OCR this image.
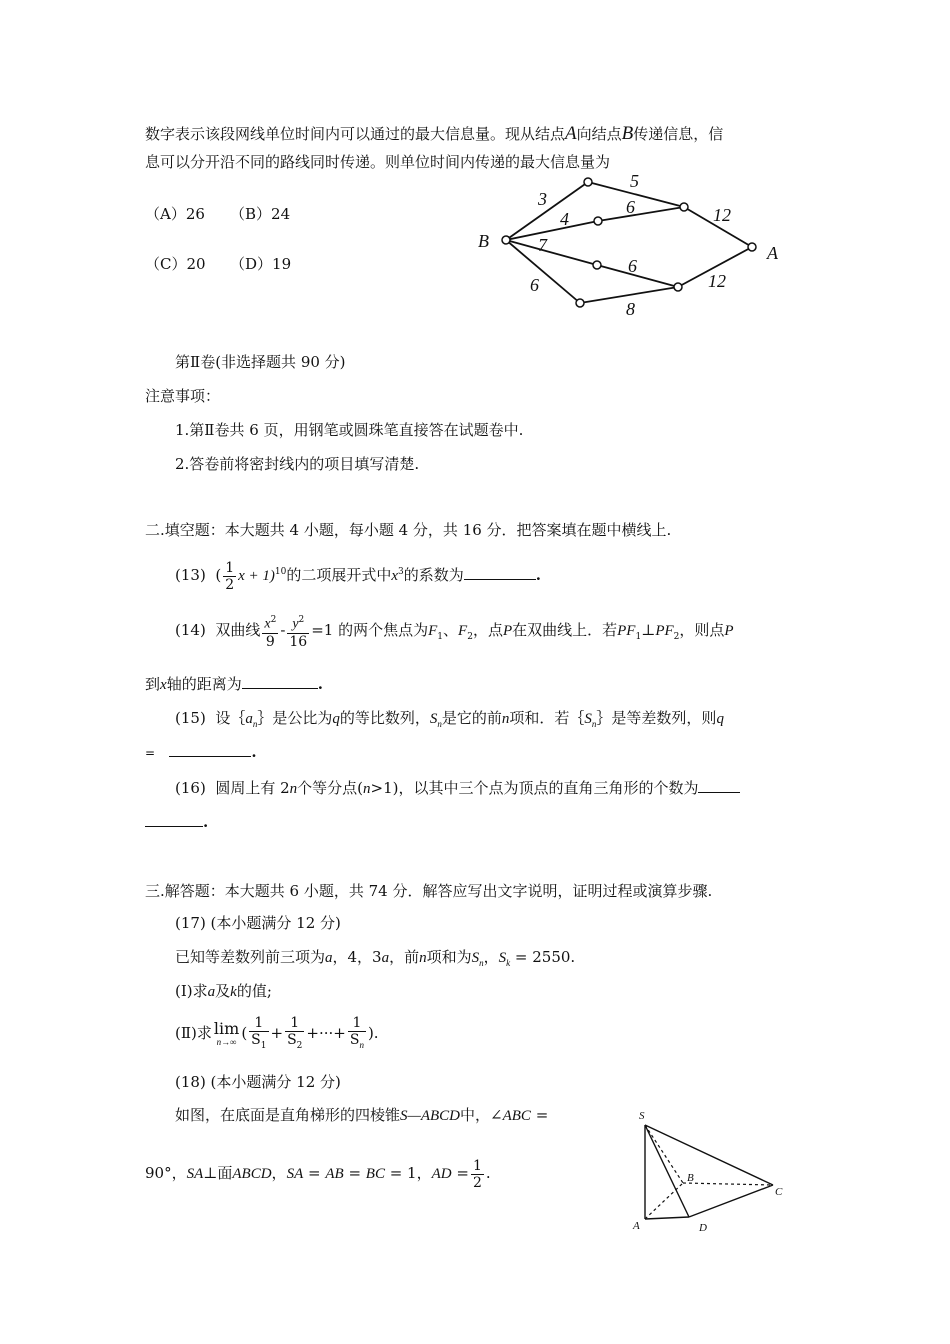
数字表示该段网线单位时间内可以通过的最大信息量。现从结点A向结点B传递信息，信
息可以分开沿不同的路线同时传递。则单位时间内传递的最大信息量为
（A）26 （B）24
（C）20 （D）19
B
A
3
5
4
6	12
7
6
12
6
8
第Ⅱ卷(非选择题共 90 分)
注意事项：
1.第Ⅱ卷共 6 页，用钢笔或圆珠笔直接答在试题卷中.
2.答卷前将密封线内的项目填写清楚.
二.填空题：本大题共 4 小题，每小题 4 分，共 16 分．把答案填在题中横线上.
(13)  ( $\frac{1}{2}$ x + 1)$^{10}$的二项展开式中$x^3$的系数为	.
(14) 双曲线 $\frac{x^2}{9} - \frac{y^2}{16} =1$ 的两个焦点为$F_1$、$F_2$，点P在双曲线上．若$PF_1\perp PF_2$，则点P
到x轴的距离为	.
(15) 设$\{a_n\}$是公比为q的等比数列，$S_n$是它的前n项和．若$\{S_n\}$是等差数列，则q
=	.
(16) 圆周上有 2n个等分点(n>1)，以其中三个点为顶点的直角三角形的个数为
.
三.解答题：本大题共 6 小题，共 74 分．解答应写出文字说明，证明过程或演算步骤.
(17) (本小题满分 12 分)
已知等差数列前三项为a，4，3a，前n项和为$S_n$，$S_k = 2550$.
(Ⅰ)求a及k的值;
(Ⅱ)求 lim
n→∞ ( $\frac{1}{S_1} + \frac{1}{S_2}$ +···+ $\frac{1}{S_n}$ ).
(18) (本小题满分 12 分)
如图，在底面是直角梯形的四棱锥S—ABCD中，∠ABC =
90°，SA⊥面ABCD，SA = AB = BC = 1，AD = $\frac{1}{2}$ .
S
A
B
C
D
